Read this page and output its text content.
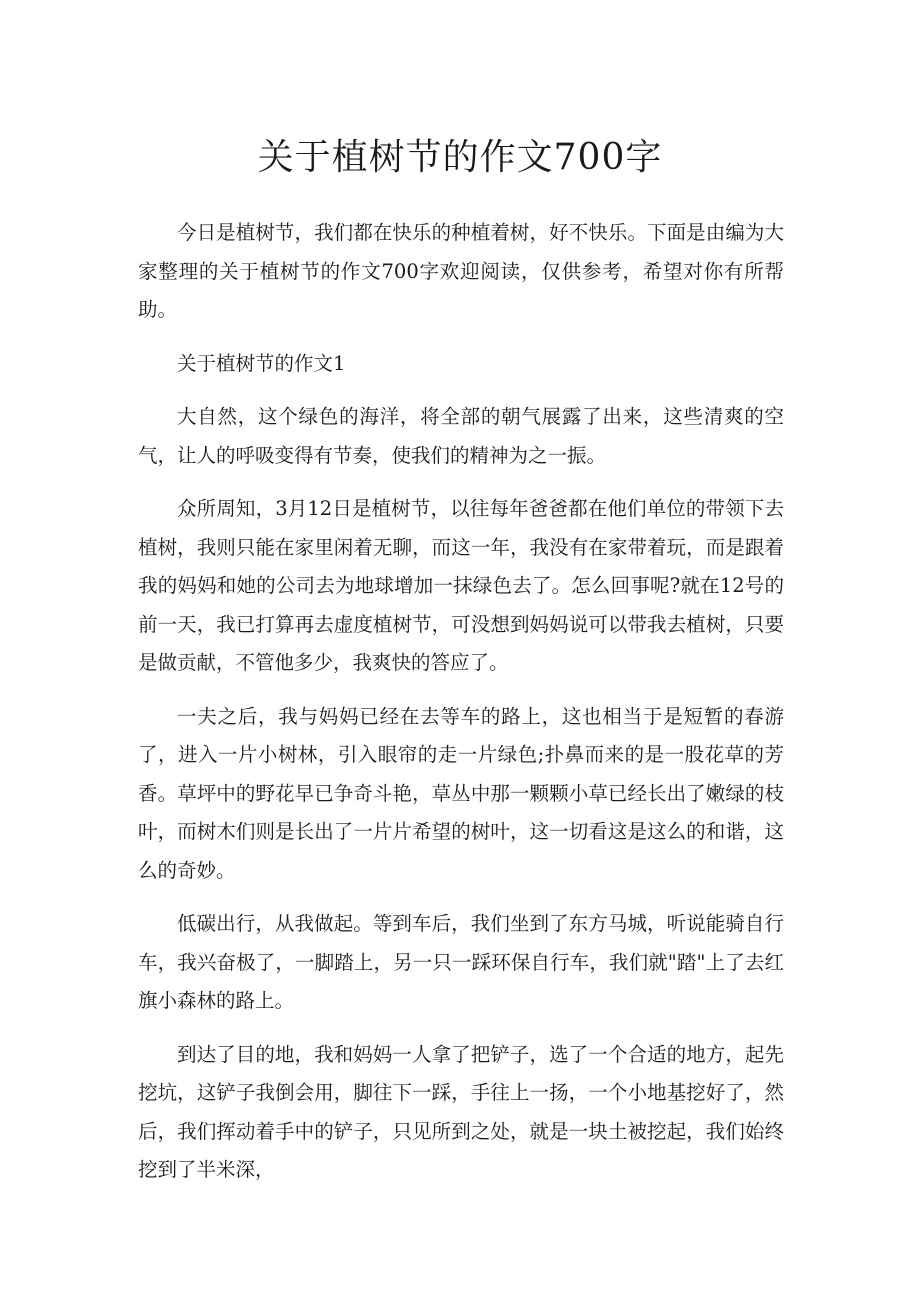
关于植树节的作文700字

今日是植树节，我们都在快乐的种植着树，好不快乐。下面是由编为大家整理的关于植树节的作文700字欢迎阅读，仅供参考，希望对你有所帮助。

关于植树节的作文1

大自然，这个绿色的海洋，将全部的朝气展露了出来，这些清爽的空气，让人的呼吸变得有节奏，使我们的精神为之一振。

众所周知，3月12日是植树节，以往每年爸爸都在他们单位的带领下去植树，我则只能在家里闲着无聊，而这一年，我没有在家带着玩，而是跟着我的妈妈和她的公司去为地球增加一抹绿色去了。怎么回事呢?就在12号的前一天，我已打算再去虚度植树节，可没想到妈妈说可以带我去植树，只要是做贡献，不管他多少，我爽快的答应了。

一夫之后，我与妈妈已经在去等车的路上，这也相当于是短暂的春游了，进入一片小树林，引入眼帘的走一片绿色;扑鼻而来的是一股花草的芳香。草坪中的野花早已争奇斗艳，草丛中那一颗颗小草已经长出了嫩绿的枝叶，而树木们则是长出了一片片希望的树叶，这一切看这是这么的和谐，这么的奇妙。

低碳出行，从我做起。等到车后，我们坐到了东方马城，听说能骑自行车，我兴奋极了，一脚踏上，另一只一踩环保自行车，我们就"踏"上了去红旗小森林的路上。

到达了目的地，我和妈妈一人拿了把铲子，选了一个合适的地方，起先挖坑，这铲子我倒会用，脚往下一踩，手往上一扬，一个小地基挖好了，然后，我们挥动着手中的铲子，只见所到之处，就是一块土被挖起，我们始终挖到了半米深，
